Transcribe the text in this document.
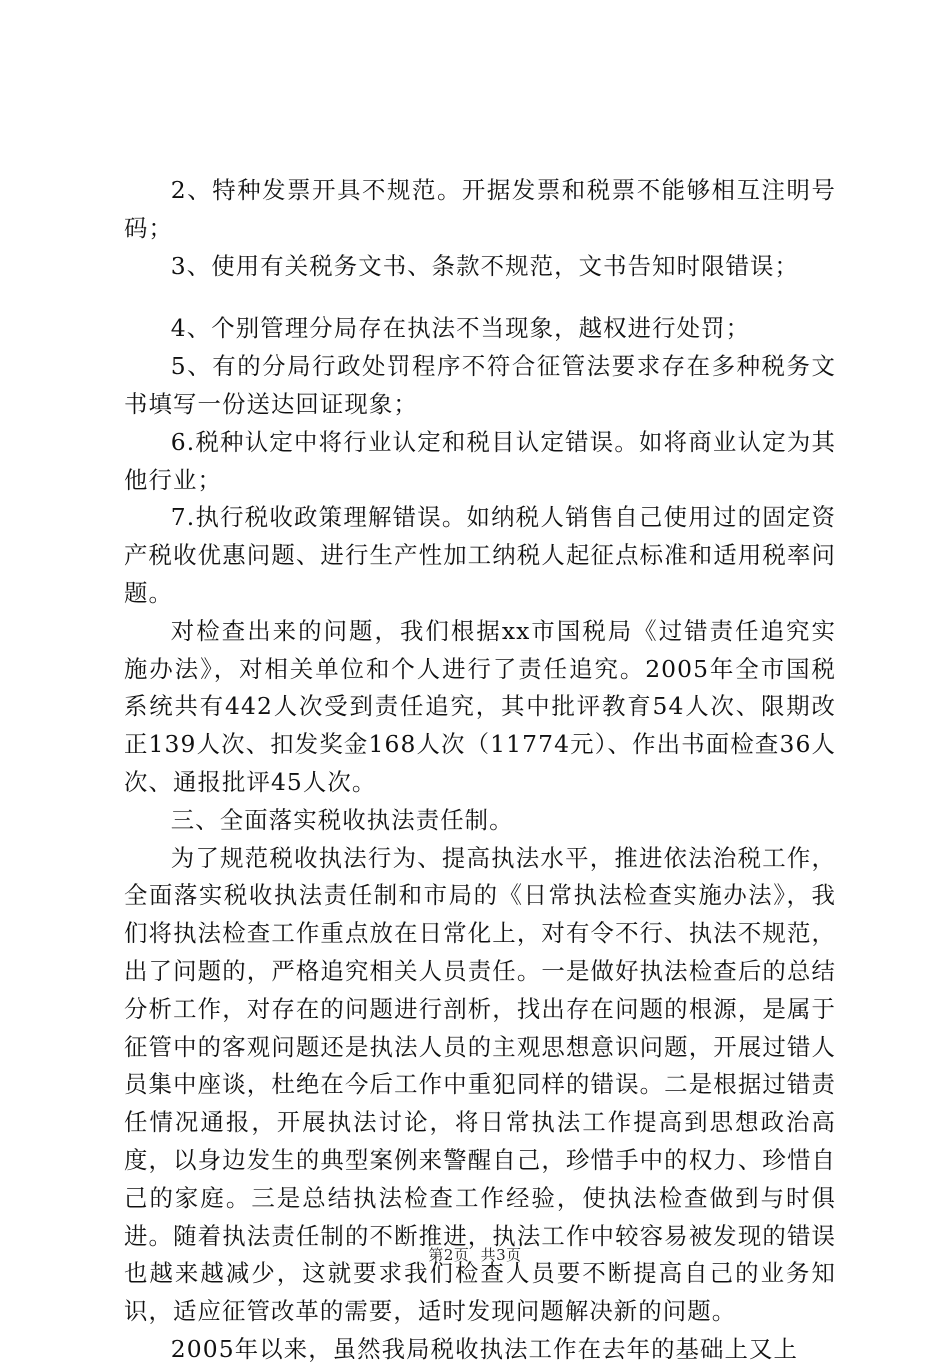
2、特种发票开具不规范。开据发票和税票不能够相互注明号码；

3、使用有关税务文书、条款不规范，文书告知时限错误；

4、个别管理分局存在执法不当现象，越权进行处罚；

5、有的分局行政处罚程序不符合征管法要求存在多种税务文书填写一份送达回证现象；

6.税种认定中将行业认定和税目认定错误。如将商业认定为其他行业；

7.执行税收政策理解错误。如纳税人销售自己使用过的固定资产税收优惠问题、进行生产性加工纳税人起征点标准和适用税率问题。

对检查出来的问题，我们根据xx市国税局《过错责任追究实施办法》，对相关单位和个人进行了责任追究。2005年全市国税系统共有442人次受到责任追究，其中批评教育54人次、限期改正139人次、扣发奖金168人次（11774元）、作出书面检查36人次、通报批评45人次。

三、全面落实税收执法责任制。

为了规范税收执法行为、提高执法水平，推进依法治税工作，全面落实税收执法责任制和市局的《日常执法检查实施办法》，我们将执法检查工作重点放在日常化上，对有令不行、执法不规范，出了问题的，严格追究相关人员责任。一是做好执法检查后的总结分析工作，对存在的问题进行剖析，找出存在问题的根源，是属于征管中的客观问题还是执法人员的主观思想意识问题，开展过错人员集中座谈，杜绝在今后工作中重犯同样的错误。二是根据过错责任情况通报，开展执法讨论，将日常执法工作提高到思想政治高度，以身边发生的典型案例来警醒自己，珍惜手中的权力、珍惜自己的家庭。三是总结执法检查工作经验，使执法检查做到与时俱进。随着执法责任制的不断推进，执法工作中较容易被发现的错误也越来越减少，这就要求我们检查人员要不断提高自己的业务知识，适应征管改革的需要，适时发现问题解决新的问题。

2005年以来，虽然我局税收执法工作在去年的基础上又上

第2页 共3页
